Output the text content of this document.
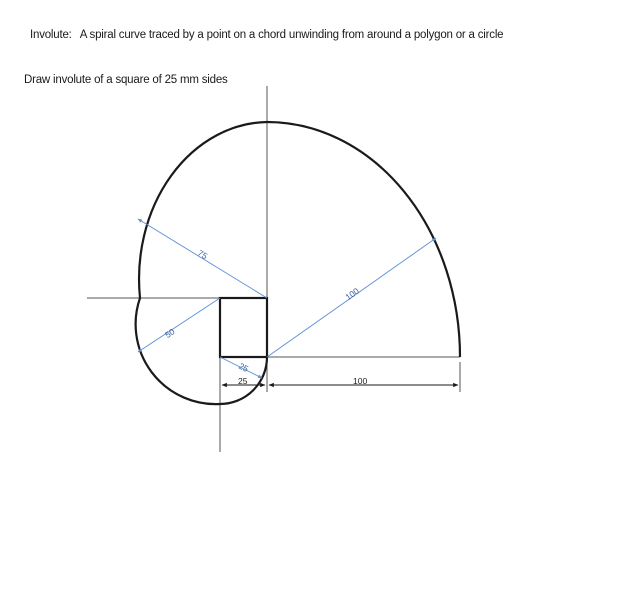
Involute: A spiral curve traced by a point on a chord unwinding from around a polygon or a circle
Draw involute of a square of 25 mm sides
75
100
50
25
25	100
